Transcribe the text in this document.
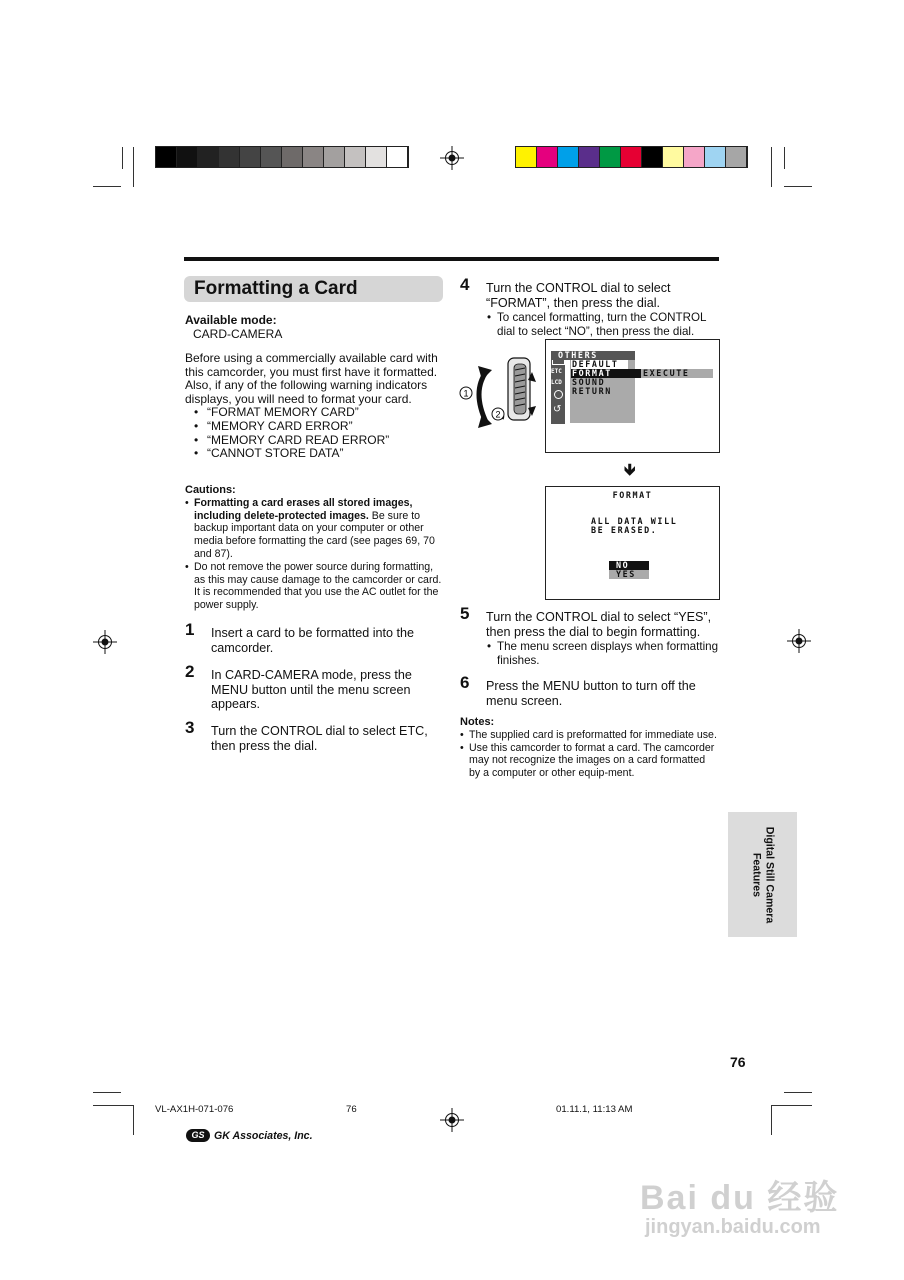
Formatting a Card
Available mode:
CARD-CAMERA
Before using a commercially available card with this camcorder, you must first have it formatted. Also, if any of the following warning indicators displays, you will need to format your card.
• “FORMAT MEMORY CARD”
• “MEMORY CARD ERROR”
• “MEMORY CARD READ ERROR”
• “CANNOT STORE DATA”
Cautions:
• Formatting a card erases all stored images, including delete-protected images. Be sure to backup important data on your computer or other media before formatting the card (see pages 69, 70 and 87).
• Do not remove the power source during formatting, as this may cause damage to the camcorder or card. It is recommended that you use the AC outlet for the power supply.
1 Insert a card to be formatted into the camcorder.
2 In CARD-CAMERA mode, press the MENU button until the menu screen appears.
3 Turn the CONTROL dial to select ETC, then press the dial.
4 Turn the CONTROL dial to select “FORMAT”, then press the dial.
• To cancel formatting, turn the CONTROL dial to select “NO”, then press the dial.
1
2
ETC
LCD
↺
OTHERS
DEFAULT
FORMAT
SOUND
RETURN
EXECUTE
🡻
FORMAT
ALL DATA WILL
BE ERASED.
NO
YES
5 Turn the CONTROL dial to select “YES”, then press the dial to begin formatting.
• The menu screen displays when formatting finishes.
6 Press the MENU button to turn off the menu screen.
Notes:
• The supplied card is preformatted for immediate use.
• Use this camcorder to format a card. The camcorder may not recognize the images on a card formatted by a computer or other equip-ment.
Digital Still Camera
Features
76
VL-AX1H-071-076	76	01.11.1, 11:13 AM
GS GK Associates, Inc.
Bai du 经验
jingyan.baidu.com
